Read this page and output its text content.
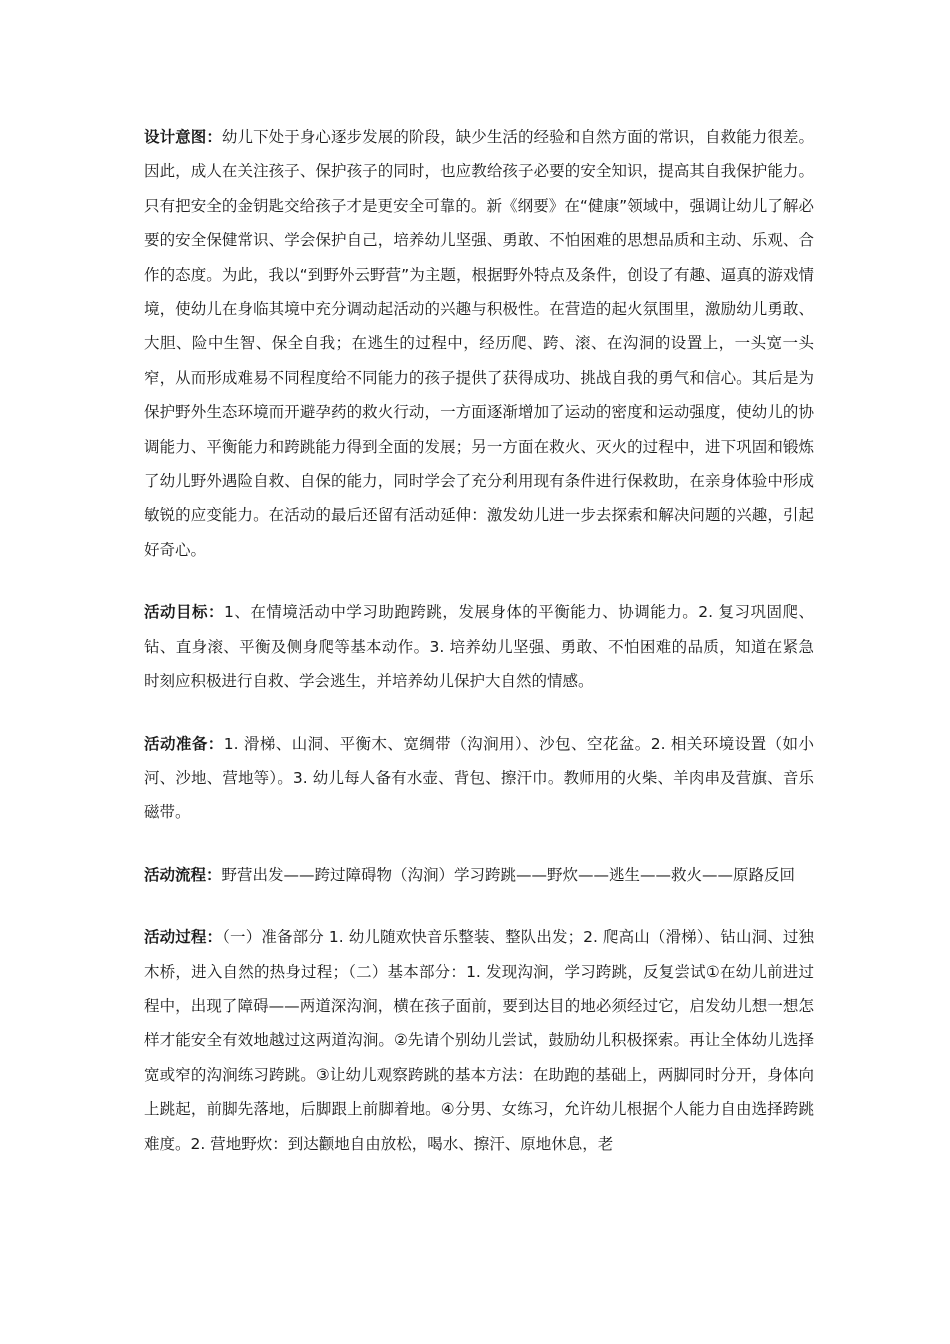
设计意图：幼儿下处于身心逐步发展的阶段，缺少生活的经验和自然方面的常识，自救能力很差。因此，成人在关注孩子、保护孩子的同时，也应教给孩子必要的安全知识，提高其自我保护能力。只有把安全的金钥匙交给孩子才是更安全可靠的。新《纲要》在“健康”领域中，强调让幼儿了解必要的安全保健常识、学会保护自己，培养幼儿坚强、勇敢、不怕困难的思想品质和主动、乐观、合作的态度。为此，我以“到野外云野营”为主题，根据野外特点及条件，创设了有趣、逼真的游戏情境，使幼儿在身临其境中充分调动起活动的兴趣与积极性。在营造的起火氛围里，激励幼儿勇敢、大胆、险中生智、保全自我；在逃生的过程中，经历爬、跨、滚、在沟洞的设置上，一头宽一头窄，从而形成难易不同程度给不同能力的孩子提供了获得成功、挑战自我的勇气和信心。其后是为保护野外生态环境而开避孕药的救火行动，一方面逐渐增加了运动的密度和运动强度，使幼儿的协调能力、平衡能力和跨跳能力得到全面的发展；另一方面在救火、灭火的过程中，进下巩固和锻炼了幼儿野外遇险自救、自保的能力，同时学会了充分利用现有条件进行保救助，在亲身体验中形成敏锐的应变能力。在活动的最后还留有活动延伸：激发幼儿进一步去探索和解决问题的兴趣，引起好奇心。

活动目标：1、在情境活动中学习助跑跨跳，发展身体的平衡能力、协调能力。2. 复习巩固爬、钻、直身滚、平衡及侧身爬等基本动作。3. 培养幼儿坚强、勇敢、不怕困难的品质，知道在紧急时刻应积极进行自救、学会逃生，并培养幼儿保护大自然的情感。

活动准备：1. 滑梯、山洞、平衡木、宽绸带（沟涧用）、沙包、空花盆。2. 相关环境设置（如小河、沙地、营地等）。3. 幼儿每人备有水壶、背包、擦汗巾。教师用的火柴、羊肉串及营旗、音乐磁带。

活动流程：野营出发——跨过障碍物（沟涧）学习跨跳——野炊——逃生——救火——原路反回

活动过程：（一）准备部分 1. 幼儿随欢快音乐整装、整队出发；2. 爬高山（滑梯）、钻山洞、过独木桥，进入自然的热身过程；（二）基本部分：1. 发现沟涧，学习跨跳，反复尝试①在幼儿前进过程中，出现了障碍——两道深沟涧，横在孩子面前，要到达目的地必须经过它，启发幼儿想一想怎样才能安全有效地越过这两道沟涧。②先请个别幼儿尝试，鼓励幼儿积极探索。再让全体幼儿选择宽或窄的沟涧练习跨跳。③让幼儿观察跨跳的基本方法：在助跑的基础上，两脚同时分开，身体向上跳起，前脚先落地，后脚跟上前脚着地。④分男、女练习，允许幼儿根据个人能力自由选择跨跳难度。2. 营地野炊：到达颧地自由放松，喝水、擦汗、原地休息，老
